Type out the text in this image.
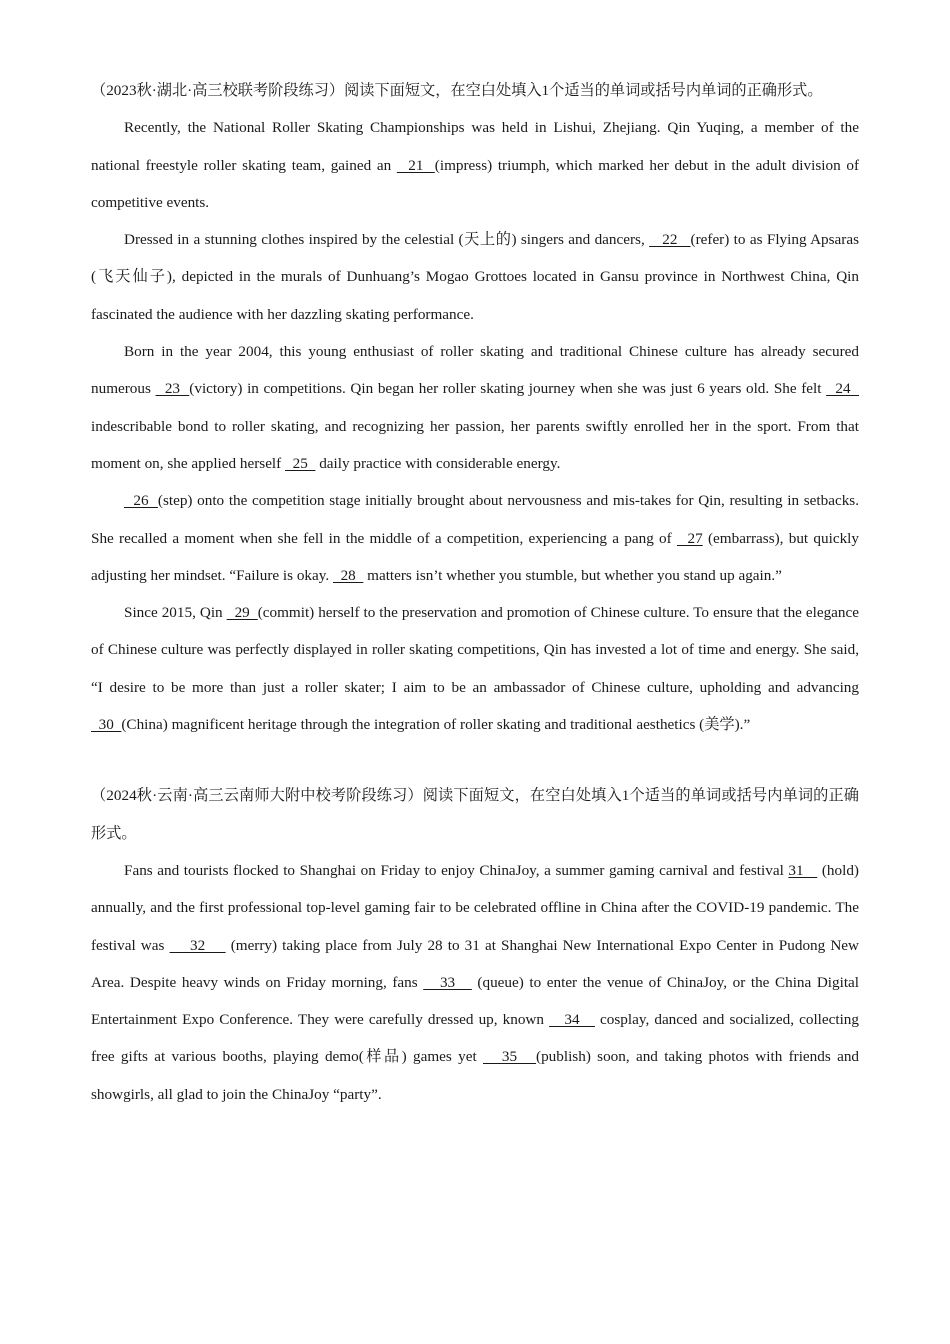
（2023秋·湖北·高三校联考阶段练习）阅读下面短文，在空白处填入1个适当的单词或括号内单词的正确形式。
Recently, the National Roller Skating Championships was held in Lishui, Zhejiang. Qin Yuqing, a member of the national freestyle roller skating team, gained an   21  (impress) triumph, which marked her debut in the adult division of competitive events.
Dressed in a stunning clothes inspired by the celestial (天上的) singers and dancers,    22   (refer) to as Flying Apsaras (飞天仙子), depicted in the murals of Dunhuang’s Mogao Grottoes located in Gansu province in Northwest China, Qin fascinated the audience with her dazzling skating performance.
Born in the year 2004, this young enthusiast of roller skating and traditional Chinese culture has already secured numerous   23  (victory) in competitions. Qin began her roller skating journey when she was just 6 years old. She felt   24   indescribable bond to roller skating, and recognizing her passion, her parents swiftly enrolled her in the sport. From that moment on, she applied herself   25   daily practice with considerable energy.
26  (step) onto the competition stage initially brought about nervousness and mis-takes for Qin, resulting in setbacks. She recalled a moment when she fell in the middle of a competition, experiencing a pang of   27 (embarrass), but quickly adjusting her mindset. “Failure is okay.   28   matters isn’t whether you stumble, but whether you stand up again.”
Since 2015, Qin   29  (commit) herself to the preservation and promotion of Chinese culture. To ensure that the elegance of Chinese culture was perfectly displayed in roller skating competitions, Qin has invested a lot of time and energy. She said, “I desire to be more than just a roller skater; I aim to be an ambassador of Chinese culture, upholding and advancing   30  (China) magnificent heritage through the integration of roller skating and traditional aesthetics (美学).”
（2024秋·云南·高三云南师大附中校考阶段练习）阅读下面短文，在空白处填入1个适当的单词或括号内单词的正确形式。
Fans and tourists flocked to Shanghai on Friday to enjoy ChinaJoy, a summer gaming carnival and festival 31    (hold) annually, and the first professional top-level gaming fair to be celebrated offline in China after the COVID-19 pandemic. The festival was     32     (merry) taking place from July 28 to 31 at Shanghai New International Expo Center in Pudong New Area. Despite heavy winds on Friday morning, fans    33    (queue) to enter the venue of ChinaJoy, or the China Digital Entertainment Expo Conference. They were carefully dressed up, known    34    cosplay, danced and socialized, collecting free gifts at various booths, playing demo(样品) games yet    35   (publish) soon, and taking photos with friends and showgirls, all glad to join the ChinaJoy “party”.
